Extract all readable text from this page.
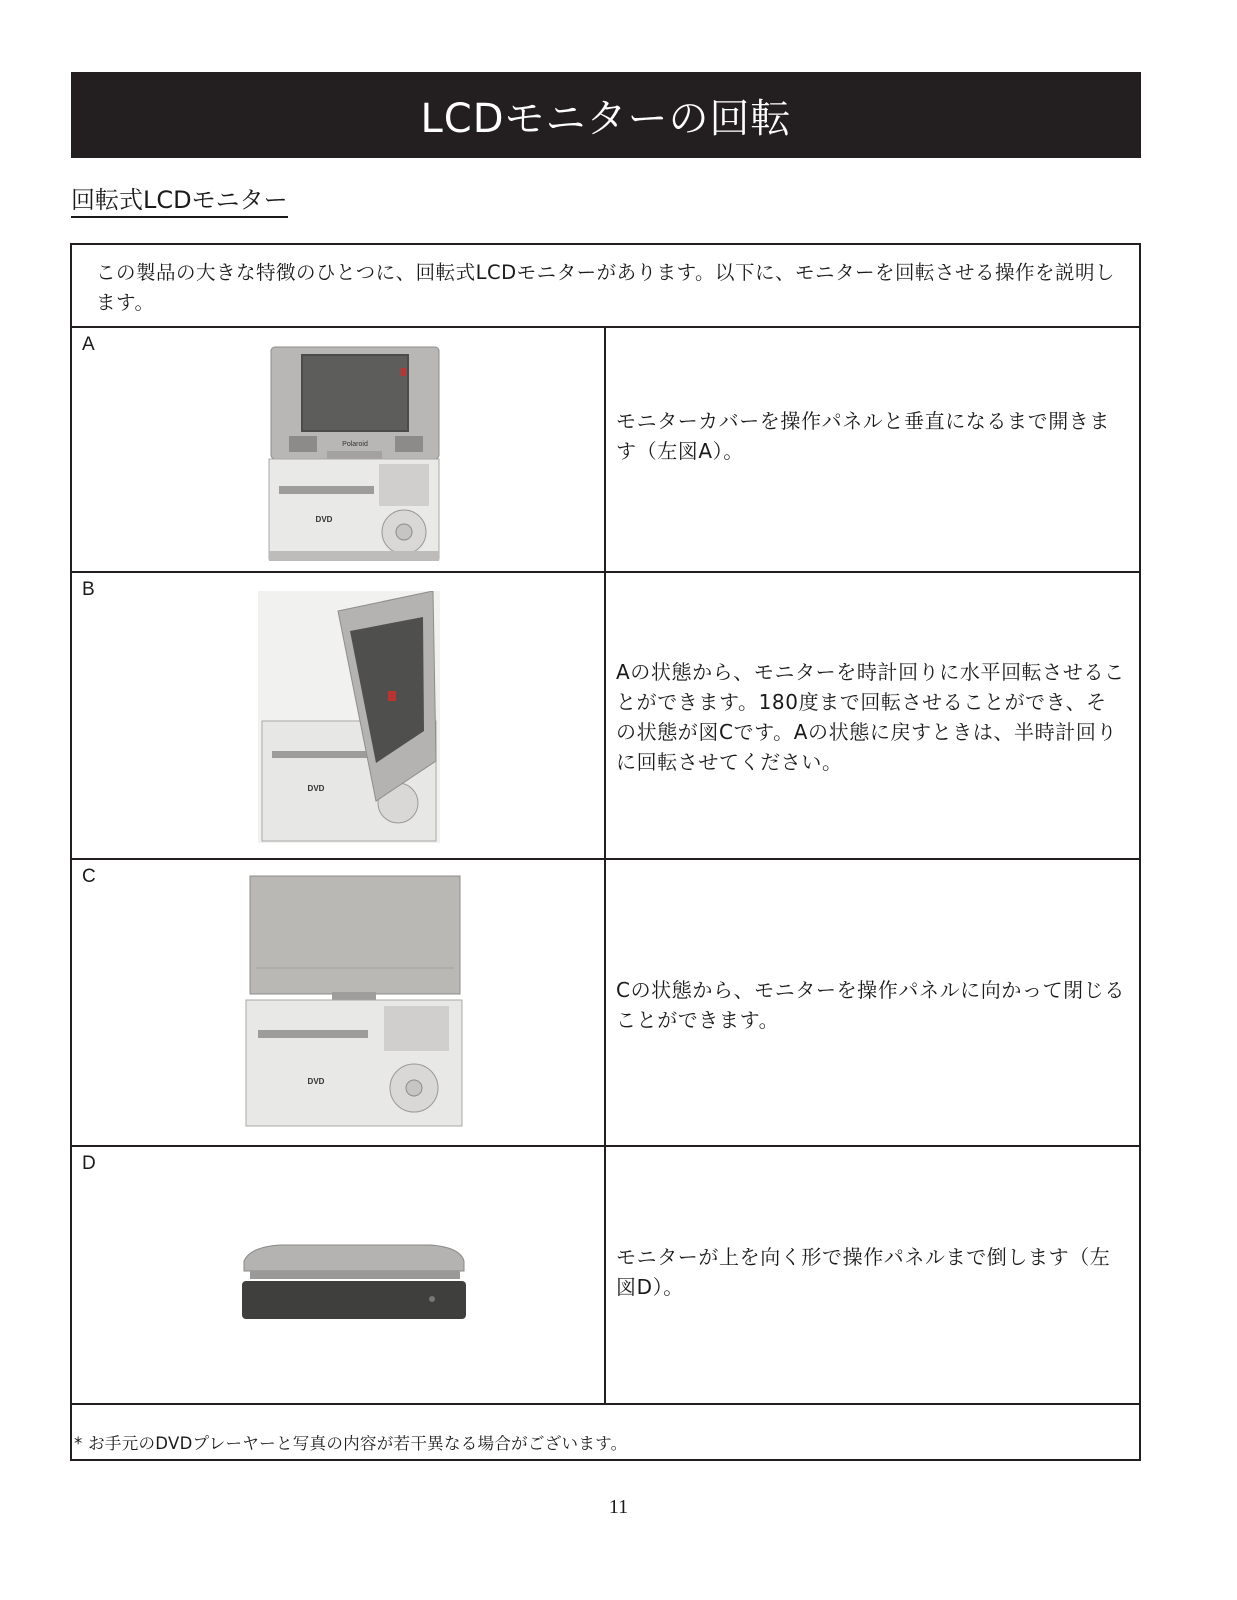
LCDモニターの回転
回転式LCDモニター
この製品の大きな特徴のひとつに、回転式LCDモニターがあります。以下に、モニターを回転させる操作を説明します。
A
Polaroid
DVD
モニターカバーを操作パネルと垂直になるまで開きます（左図A）。
B
DVD
Aの状態から、モニターを時計回りに水平回転させることができます。180度まで回転させることができ、その状態が図Cです。Aの状態に戻すときは、半時計回りに回転させてください。
C
DVD
Cの状態から、モニターを操作パネルに向かって閉じることができます。
D
モニターが上を向く形で操作パネルまで倒します（左図D）。
* お手元のDVDプレーヤーと写真の内容が若干異なる場合がございます。
11
